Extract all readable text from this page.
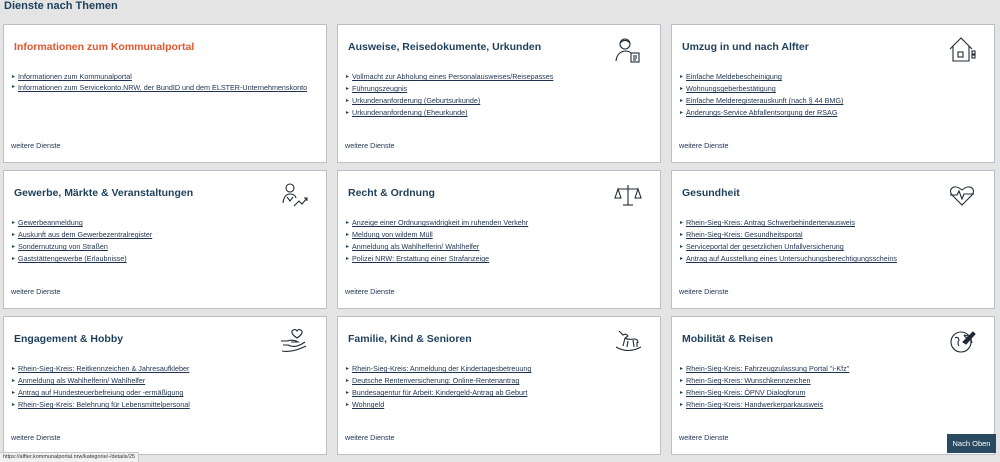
Dienste nach Themen
Informationen zum Kommunalportal
▸ Informationen zum Kommunalportal
▸ Informationen zum Servicekonto.NRW, der BundID und dem ELSTER-Unternehmenskonto
weitere Dienste
Ausweise, Reisedokumente, Urkunden
▸ Vollmacht zur Abholung eines Personalausweises/Reisepasses
▸ Führungszeugnis
▸ Urkundenanforderung (Geburtsurkunde)
▸ Urkundenanforderung (Eheurkunde)
weitere Dienste
Umzug in und nach Alfter
▸ Einfache Meldebescheinigung
▸ Wohnungsgeberbestätigung
▸ Einfache Melderegisterauskunft (nach § 44 BMG)
▸ Änderungs-Service Abfallentsorgung der RSAG
weitere Dienste
Gewerbe, Märkte & Veranstaltungen
▸ Gewerbeanmeldung
▸ Auskunft aus dem Gewerbezentralregister
▸ Sondernutzung von Straßen
▸ Gaststättengewerbe (Erlaubnisse)
weitere Dienste
Recht & Ordnung
▸ Anzeige einer Ordnungswidrigkeit im ruhenden Verkehr
▸ Meldung von wildem Müll
▸ Anmeldung als Wahlhelferin/ Wahlhelfer
▸ Polizei NRW: Erstattung einer Strafanzeige
weitere Dienste
Gesundheit
▸ Rhein-Sieg-Kreis: Antrag Schwerbehindertenausweis
▸ Rhein-Sieg-Kreis: Gesundheitsportal
▸ Serviceportal der gesetzlichen Unfallversicherung
▸ Antrag auf Ausstellung eines Untersuchungsberechtigungsscheins
weitere Dienste
Engagement & Hobby
▸ Rhein-Sieg-Kreis: Reitkennzeichen & Jahresaufkleber
▸ Anmeldung als Wahlhelferin/ Wahlhelfer
▸ Antrag auf Hundesteuerbefreiung oder -ermäßigung
▸ Rhein-Sieg-Kreis: Belehrung für Lebensmittelpersonal
weitere Dienste
Familie, Kind & Senioren
▸ Rhein-Sieg-Kreis: Anmeldung der Kindertagesbetreuung
▸ Deutsche Rentenversicherung: Online-Rentenantrag
▸ Bundesagentur für Arbeit: Kindergeld-Antrag ab Geburt
▸ Wohngeld
weitere Dienste
Mobilität & Reisen
▸ Rhein-Sieg-Kreis: Fahrzeugzulassung Portal "i-Kfz"
▸ Rhein-Sieg-Kreis: Wunschkennzeichen
▸ Rhein-Sieg-Kreis: ÖPNV Dialogforum
▸ Rhein-Sieg-Kreis: Handwerkerparkausweis
weitere Dienste
Nach Oben
https://alfter.kommunalportal.nrw/kategorie/-/details/25
